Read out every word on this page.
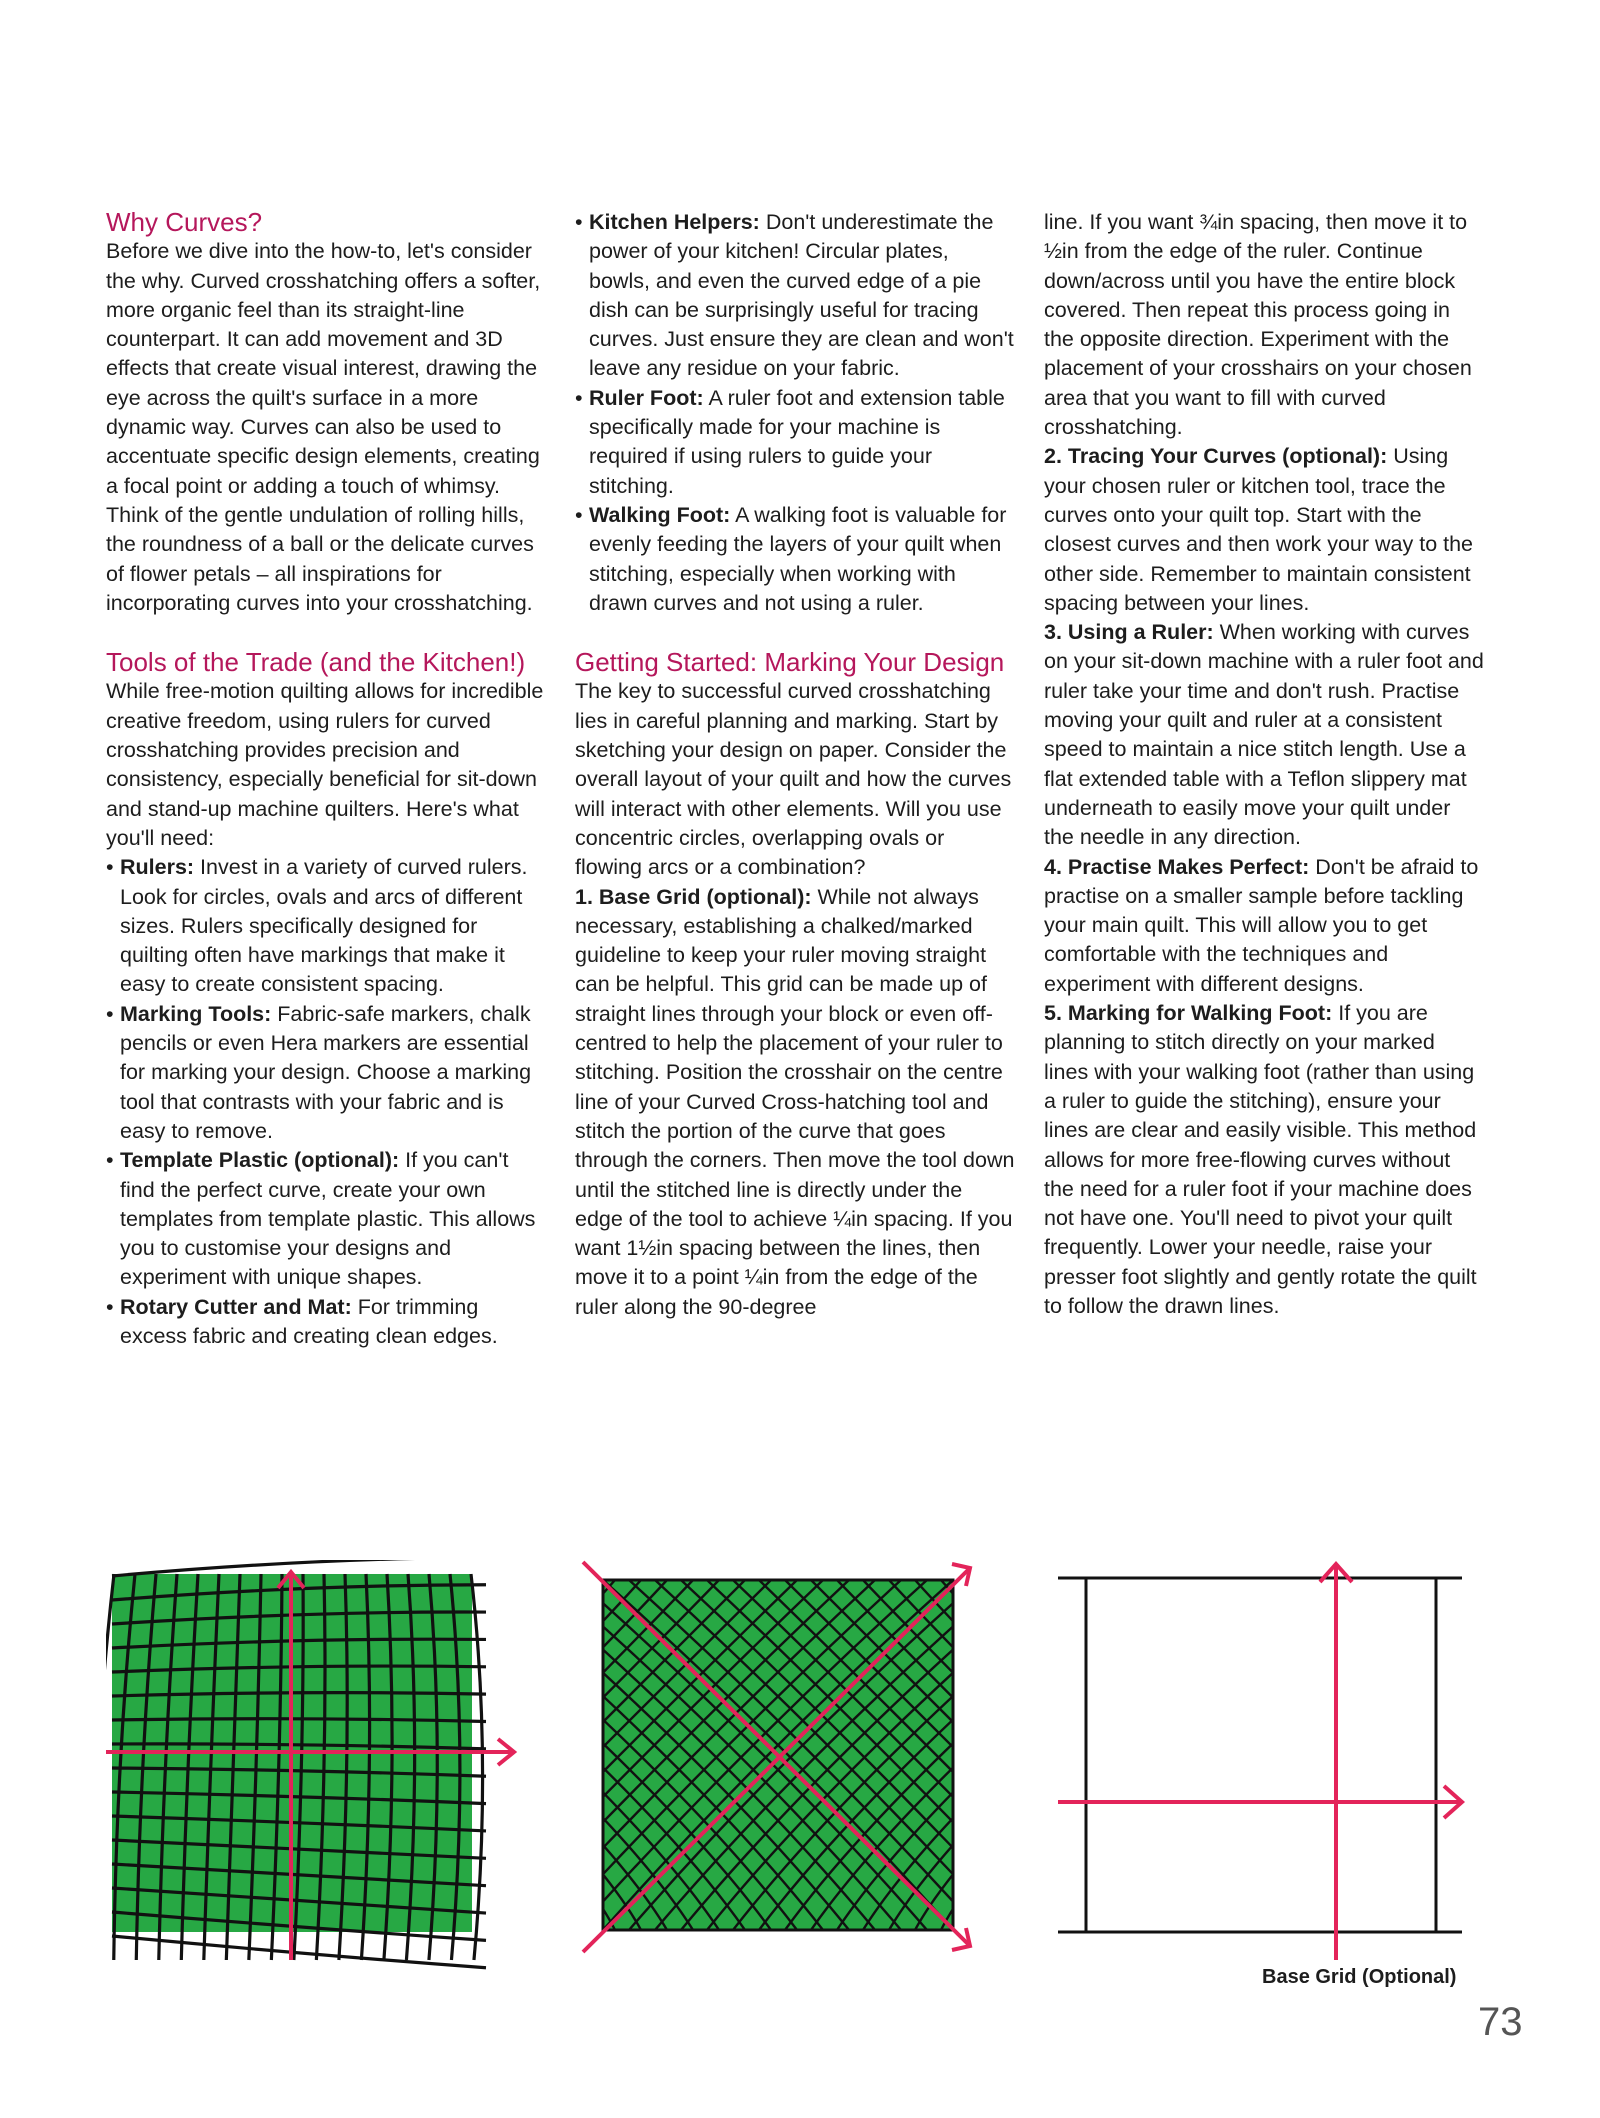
Why Curves?

Before we dive into the how-to, let's consider the why. Curved crosshatching offers a softer, more organic feel than its straight-line counterpart. It can add movement and 3D effects that create visual interest, drawing the eye across the quilt's surface in a more dynamic way. Curves can also be used to accentuate specific design elements, creating a focal point or adding a touch of whimsy. Think of the gentle undulation of rolling hills, the roundness of a ball or the delicate curves of flower petals – all inspirations for incorporating curves into your crosshatching.

Tools of the Trade (and the Kitchen!)

While free-motion quilting allows for incredible creative freedom, using rulers for curved crosshatching provides precision and consistency, especially beneficial for sit-down and stand-up machine quilters. Here's what you'll need:

• Rulers: Invest in a variety of curved rulers. Look for circles, ovals and arcs of different sizes. Rulers specifically designed for quilting often have markings that make it easy to create consistent spacing.
• Marking Tools: Fabric-safe markers, chalk pencils or even Hera markers are essential for marking your design. Choose a marking tool that contrasts with your fabric and is easy to remove.
• Template Plastic (optional): If you can't find the perfect curve, create your own templates from template plastic. This allows you to customise your designs and experiment with unique shapes.
• Rotary Cutter and Mat: For trimming excess fabric and creating clean edges.
• Kitchen Helpers: Don't underestimate the power of your kitchen! Circular plates, bowls, and even the curved edge of a pie dish can be surprisingly useful for tracing curves. Just ensure they are clean and won't leave any residue on your fabric.
• Ruler Foot: A ruler foot and extension table specifically made for your machine is required if using rulers to guide your stitching.
• Walking Foot: A walking foot is valuable for evenly feeding the layers of your quilt when stitching, especially when working with drawn curves and not using a ruler.
Getting Started: Marking Your Design

The key to successful curved crosshatching lies in careful planning and marking. Start by sketching your design on paper. Consider the overall layout of your quilt and how the curves will interact with other elements. Will you use concentric circles, overlapping ovals or flowing arcs or a combination?

1. Base Grid (optional): While not always necessary, establishing a chalked/marked guideline to keep your ruler moving straight can be helpful. This grid can be made up of straight lines through your block or even off-centred to help the placement of your ruler to stitching. Position the crosshair on the centre line of your Curved Cross-hatching tool and stitch the portion of the curve that goes through the corners. Then move the tool down until the stitched line is directly under the edge of the tool to achieve ¼in spacing. If you want 1½in spacing between the lines, then move it to a point ¼in from the edge of the ruler along the 90-degree

line. If you want ¾in spacing, then move it to ½in from the edge of the ruler. Continue down/across until you have the entire block covered. Then repeat this process going in the opposite direction. Experiment with the placement of your crosshairs on your chosen area that you want to fill with curved crosshatching.

2. Tracing Your Curves (optional): Using your chosen ruler or kitchen tool, trace the curves onto your quilt top. Start with the closest curves and then work your way to the other side. Remember to maintain consistent spacing between your lines.

3. Using a Ruler: When working with curves on your sit-down machine with a ruler foot and ruler take your time and don't rush. Practise moving your quilt and ruler at a consistent speed to maintain a nice stitch length. Use a flat extended table with a Teflon slippery mat underneath to easily move your quilt under the needle in any direction.

4. Practise Makes Perfect: Don't be afraid to practise on a smaller sample before tackling your main quilt. This will allow you to get comfortable with the techniques and experiment with different designs.

5. Marking for Walking Foot: If you are planning to stitch directly on your marked lines with your walking foot (rather than using a ruler to guide the stitching), ensure your lines are clear and easily visible. This method allows for more free-flowing curves without the need for a ruler foot if your machine does not have one. You'll need to pivot your quilt frequently. Lower your needle, raise your presser foot slightly and gently rotate the quilt to follow the drawn lines.

Base Grid (Optional)
73
